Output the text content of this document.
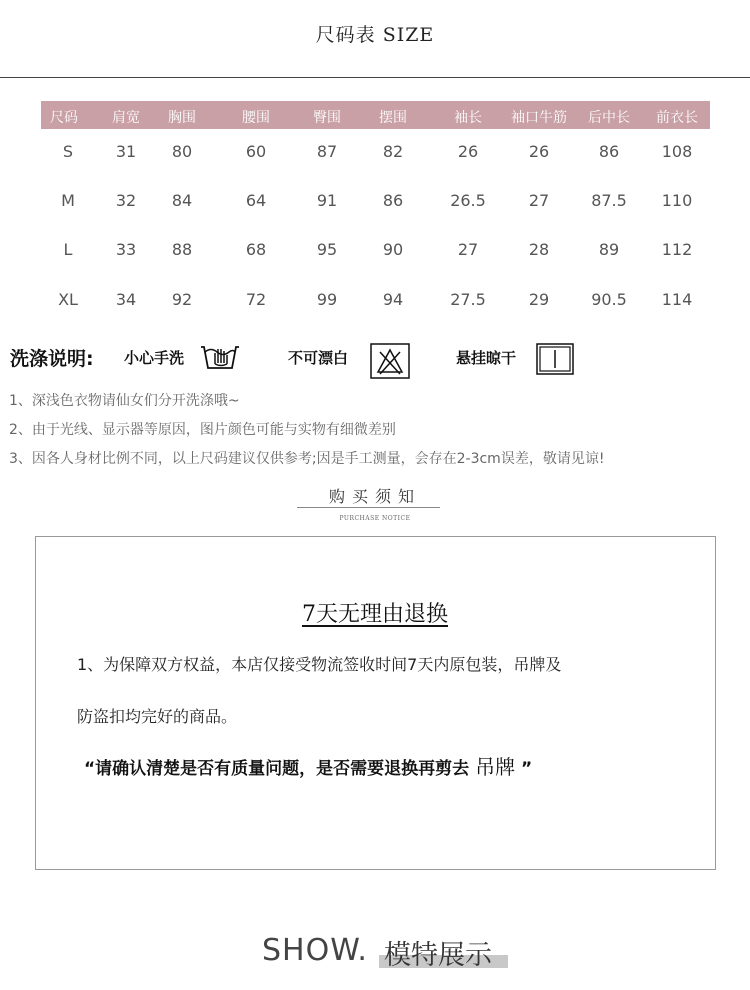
尺码表 SIZE
尺码	肩宽	胸围	腰围	臀围	摆围	袖长	袖口牛筋	后中长	前衣长
S	31	80	60	87	82	26	26	86	108
M	32	84	64	91	86	26.5	27	87.5	110
L	33	88	68	95	90	27	28	89	112
XL	34	92	72	99	94	27.5	29	90.5	114
洗涤说明: 小心手洗	不可漂白	悬挂晾干
1、深浅色衣物请仙女们分开洗涤哦~
2、由于光线、显示器等原因，图片颜色可能与实物有细微差别
3、因各人身材比例不同，以上尺码建议仅供参考;因是手工测量，会存在2-3cm误差，敬请见谅!
购买须知
PURCHASE NOTICE
7天无理由退换
1、为保障双方权益，本店仅接受物流签收时间7天内原包装，吊牌及
防盗扣均完好的商品。
“请确认清楚是否有质量问题，是否需要退换再剪去 吊牌 ”
SHOW. 模特展示
